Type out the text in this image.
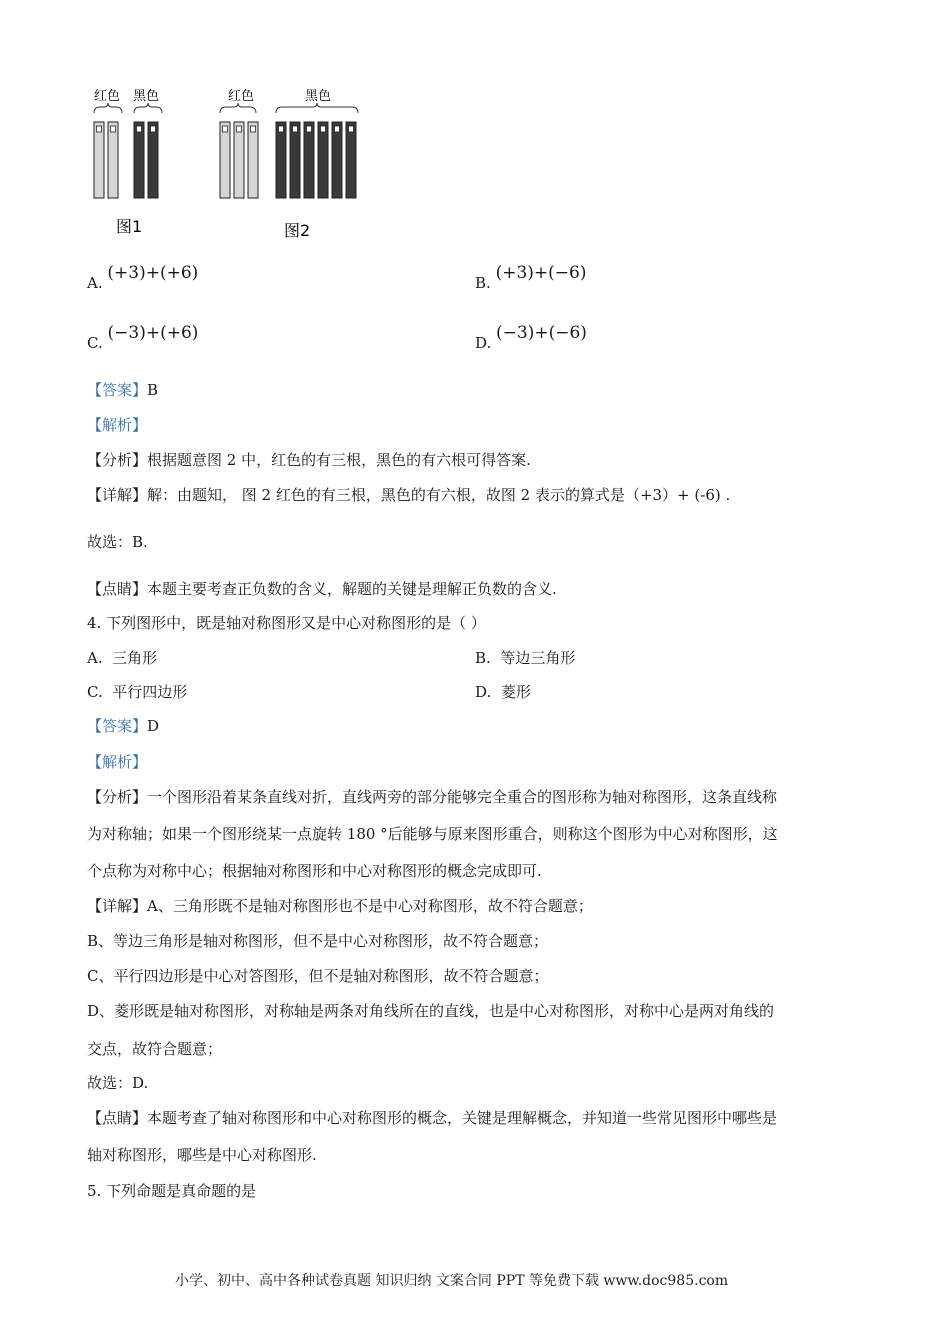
红色 黑色
图1
红色	黑色
图2
A. (+3)+(+6)	B. (+3)+(−6)
C. (−3)+(+6)	D. (−3)+(−6)
【答案】B
【解析】
【分析】根据题意图 2 中，红色的有三根，黑色的有六根可得答案.
【详解】解：由题知， 图 2 红色的有三根，黑色的有六根，故图 2 表示的算式是（+3）+ (-6) .
故选：B.
【点睛】本题主要考查正负数的含义，解题的关键是理解正负数的含义.
4. 下列图形中，既是轴对称图形又是中心对称图形的是（ ）
A. 三角形	B. 等边三角形
C. 平行四边形	D. 菱形
【答案】D
【解析】
【分析】一个图形沿着某条直线对折，直线两旁的部分能够完全重合的图形称为轴对称图形，这条直线称
为对称轴；如果一个图形绕某一点旋转 180 °后能够与原来图形重合，则称这个图形为中心对称图形，这
个点称为对称中心；根据轴对称图形和中心对称图形的概念完成即可.
【详解】A、三角形既不是轴对称图形也不是中心对称图形，故不符合题意；
B、等边三角形是轴对称图形，但不是中心对称图形，故不符合题意；
C、平行四边形是中心对答图形，但不是轴对称图形，故不符合题意；
D、菱形既是轴对称图形，对称轴是两条对角线所在的直线，也是中心对称图形，对称中心是两对角线的
交点，故符合题意；
故选：D.
【点睛】本题考查了轴对称图形和中心对称图形的概念，关键是理解概念，并知道一些常见图形中哪些是
轴对称图形，哪些是中心对称图形.
5. 下列命题是真命题的是
小学、初中、高中各种试卷真题 知识归纳 文案合同 PPT 等免费下载 www.doc985.com
